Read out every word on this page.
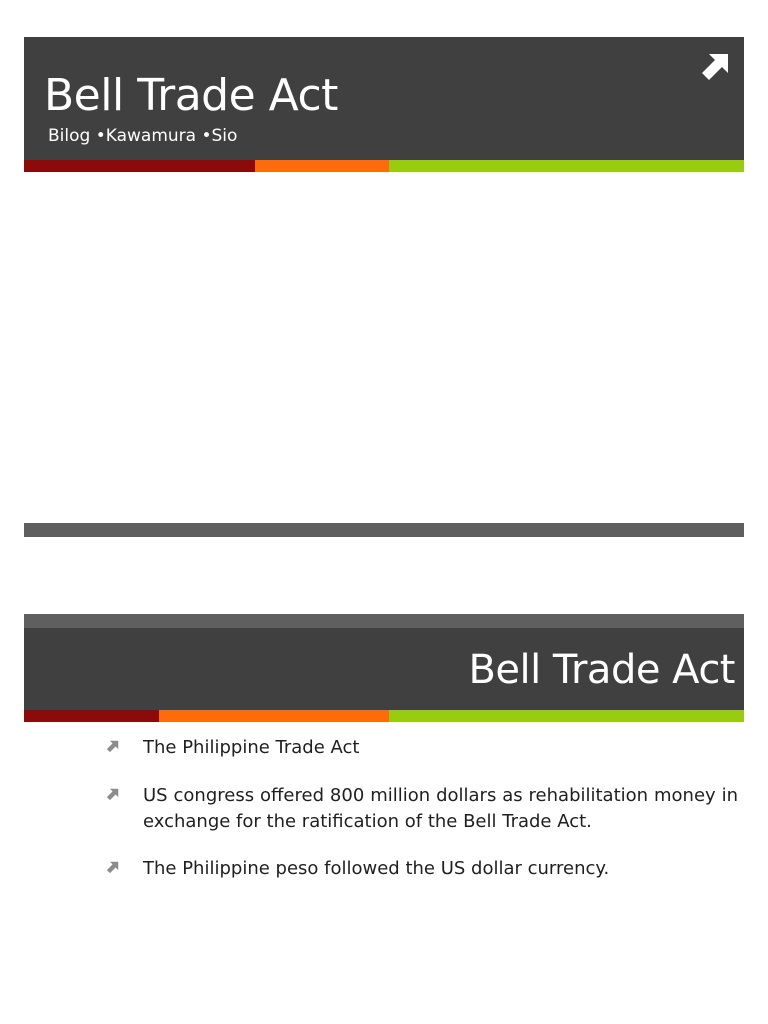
Bell Trade Act
Bilog •Kawamura •Sio
Bell Trade Act
The Philippine Trade Act
US congress offered 800 million dollars as rehabilitation money in exchange for the ratification of the Bell Trade Act.
The Philippine peso followed the US dollar currency.
